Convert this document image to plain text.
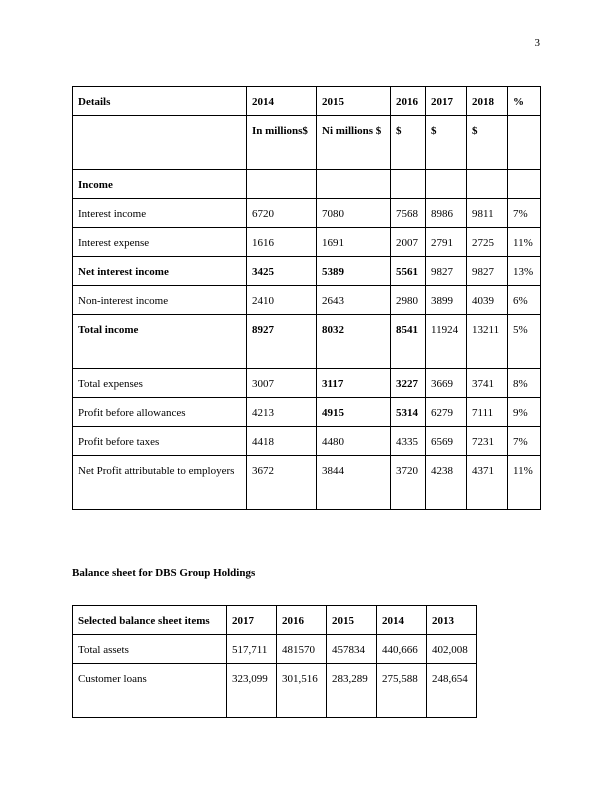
3
Details	2014	2015	2016	2017	2018	%
	In millions$	Ni millions $	$	$	$	
Income						
Interest income	6720	7080	7568	8986	9811	7%
Interest expense	1616	1691	2007	2791	2725	11%
Net interest income	3425	5389	5561	9827	9827	13%
Non-interest income	2410	2643	2980	3899	4039	6%
Total income	8927	8032	8541	11924	13211	5%
Total expenses	3007	3117	3227	3669	3741	8%
Profit before allowances	4213	4915	5314	6279	7111	9%
Profit before taxes	4418	4480	4335	6569	7231	7%
Net Profit attributable to employers	3672	3844	3720	4238	4371	11%
Balance sheet for DBS Group Holdings
Selected balance sheet items	2017	2016	2015	2014	2013
Total assets	517,711	481570	457834	440,666	402,008
Customer loans	323,099	301,516	283,289	275,588	248,654
